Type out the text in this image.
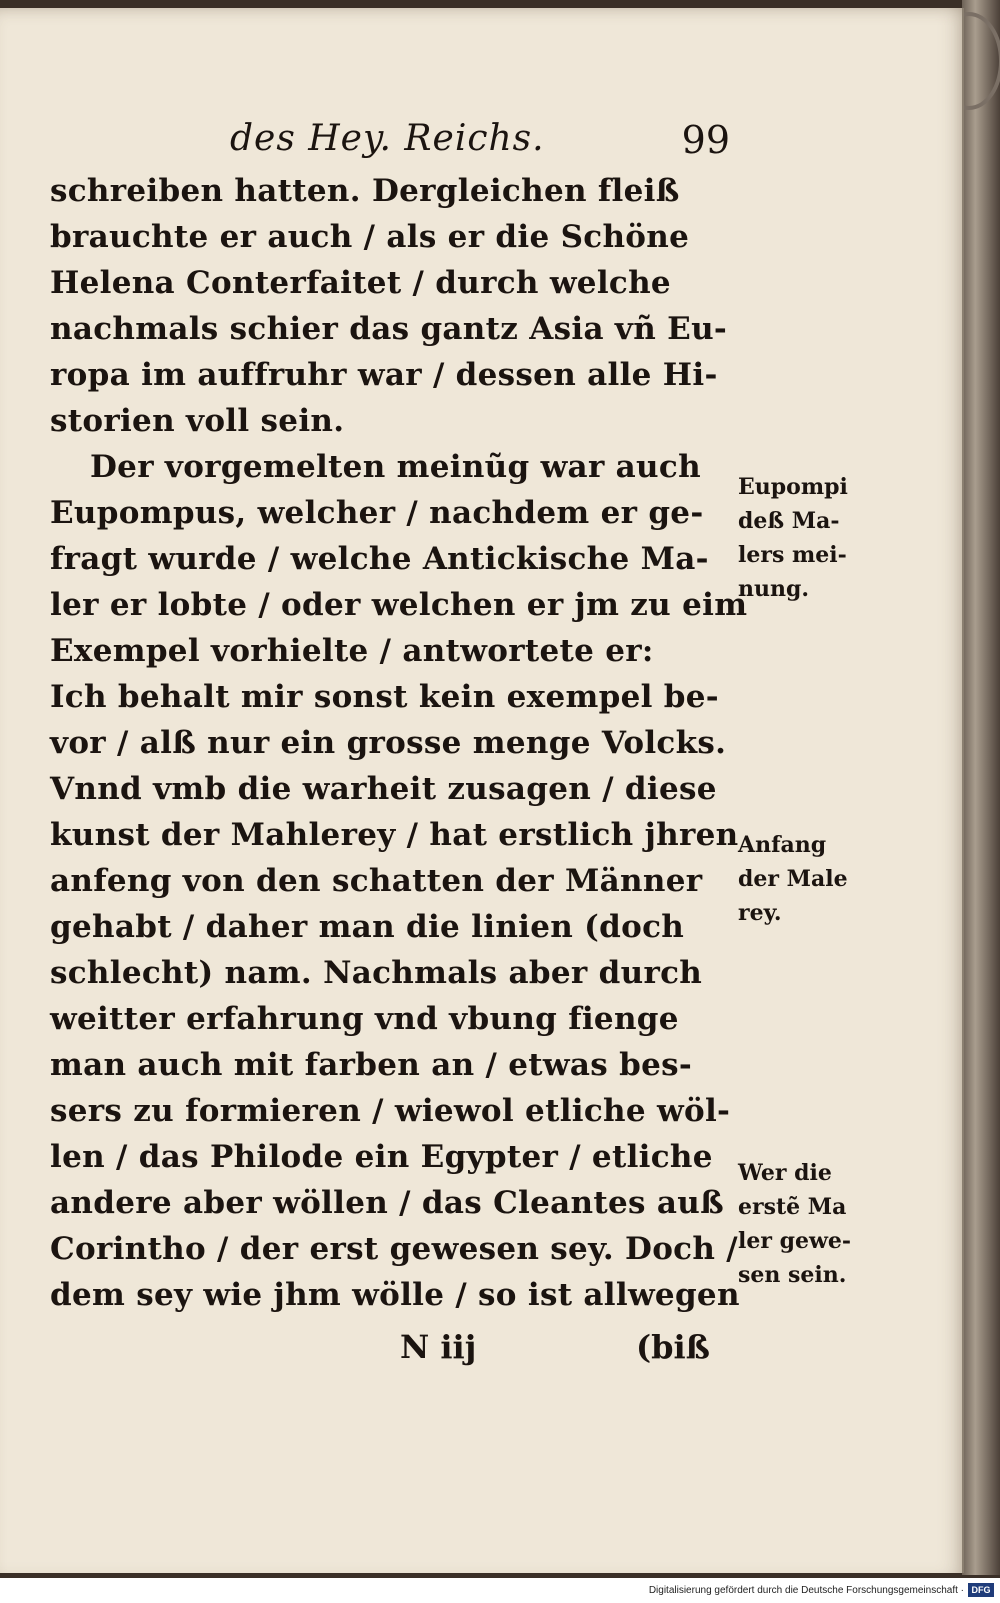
des Hey. Reichs.	99
schreiben hatten. Dergleichen fleiß
brauchte er auch / als er die Schöne
Helena Conterfaitet / durch welche
nachmals schier das gantz Asia vñ Eu-
ropa im auffruhr war / dessen alle Hi-
storien voll sein.
Der vorgemelten meinũg war auch
Eupompus, welcher / nachdem er ge-
fragt wurde / welche Antickische Ma-
ler er lobte / oder welchen er jm zu eim
Exempel vorhielte / antwortete er:
Ich behalt mir sonst kein exempel be-
vor / alß nur ein grosse menge Volcks.
Vnnd vmb die warheit zusagen / diese
kunst der Mahlerey / hat erstlich jhren
anfeng von den schatten der Männer
gehabt / daher man die linien (doch
schlecht) nam. Nachmals aber durch
weitter erfahrung vnd vbung fienge
man auch mit farben an / etwas bes-
sers zu formieren / wiewol etliche wöl-
len / das Philode ein Egypter / etliche
andere aber wöllen / das Cleantes auß
Corintho / der erst gewesen sey. Doch /
dem sey wie jhm wölle / so ist allwegen
Eupompi
deß Ma-
lers mei-
nung.
Anfang
der Male
rey.
Wer die
erstẽ Ma
ler gewe-
sen sein.
N iij	(biß
Digitalisierung gefördert durch die Deutsche Forschungsgemeinschaft · DFG
